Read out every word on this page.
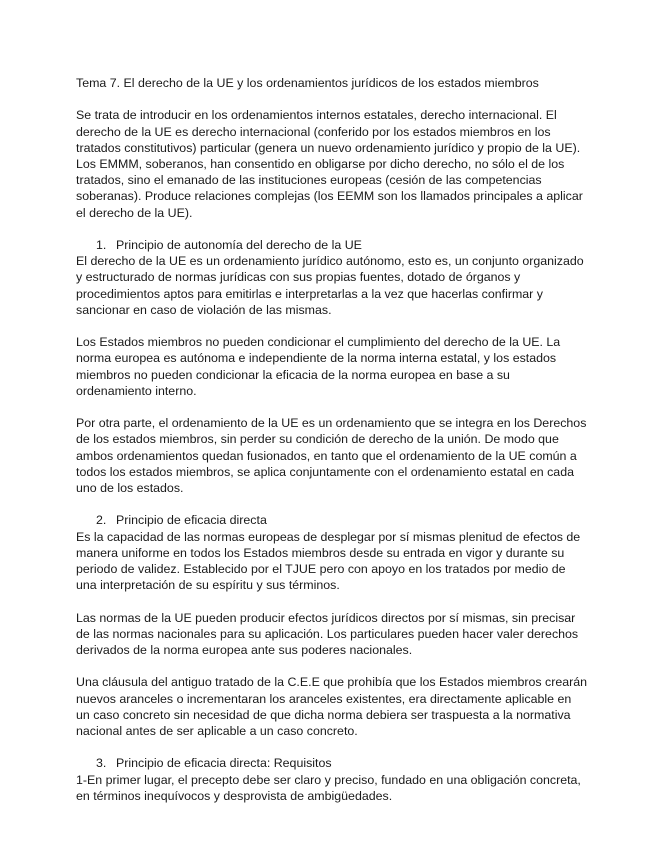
Tema 7. El derecho de la UE y los ordenamientos jurídicos de los estados miembros

Se trata de introducir en los ordenamientos internos estatales, derecho internacional. El derecho de la UE es derecho internacional (conferido por los estados miembros en los tratados constitutivos) particular (genera un nuevo ordenamiento jurídico y propio de la UE). Los EMMM, soberanos, han consentido en obligarse por dicho derecho, no sólo el de los tratados, sino el emanado de las instituciones europeas (cesión de las competencias soberanas). Produce relaciones complejas (los EEMM son los llamados principales a aplicar el derecho de la UE).

1. Principio de autonomía del derecho de la UE

El derecho de la UE es un ordenamiento jurídico autónomo, esto es, un conjunto organizado y estructurado de normas jurídicas con sus propias fuentes, dotado de órganos y procedimientos aptos para emitirlas e interpretarlas a la vez que hacerlas confirmar y sancionar en caso de violación de las mismas.

Los Estados miembros no pueden condicionar el cumplimiento del derecho de la UE. La norma europea es autónoma e independiente de la norma interna estatal, y los estados miembros no pueden condicionar la eficacia de la norma europea en base a su ordenamiento interno.

Por otra parte, el ordenamiento de la UE es un ordenamiento que se integra en los Derechos de los estados miembros, sin perder su condición de derecho de la unión. De modo que ambos ordenamientos quedan fusionados, en tanto que el ordenamiento de la UE común a todos los estados miembros, se aplica conjuntamente con el ordenamiento estatal en cada uno de los estados.

2. Principio de eficacia directa

Es la capacidad de las normas europeas de desplegar por sí mismas plenitud de efectos de manera uniforme en todos los Estados miembros desde su entrada en vigor y durante su periodo de validez. Establecido por el TJUE pero con apoyo en los tratados por medio de una interpretación de su espíritu y sus términos.

Las normas de la UE pueden producir efectos jurídicos directos por sí mismas, sin precisar de las normas nacionales para su aplicación. Los particulares pueden hacer valer derechos derivados de la norma europea ante sus poderes nacionales.

Una cláusula del antiguo tratado de la C.E.E que prohibía que los Estados miembros crearán nuevos aranceles o incrementaran los aranceles existentes, era directamente aplicable en un caso concreto sin necesidad de que dicha norma debiera ser traspuesta a la normativa nacional antes de ser aplicable a un caso concreto.

3. Principio de eficacia directa: Requisitos

1-En primer lugar, el precepto debe ser claro y preciso, fundado en una obligación concreta, en términos inequívocos y desprovista de ambigüedades.
